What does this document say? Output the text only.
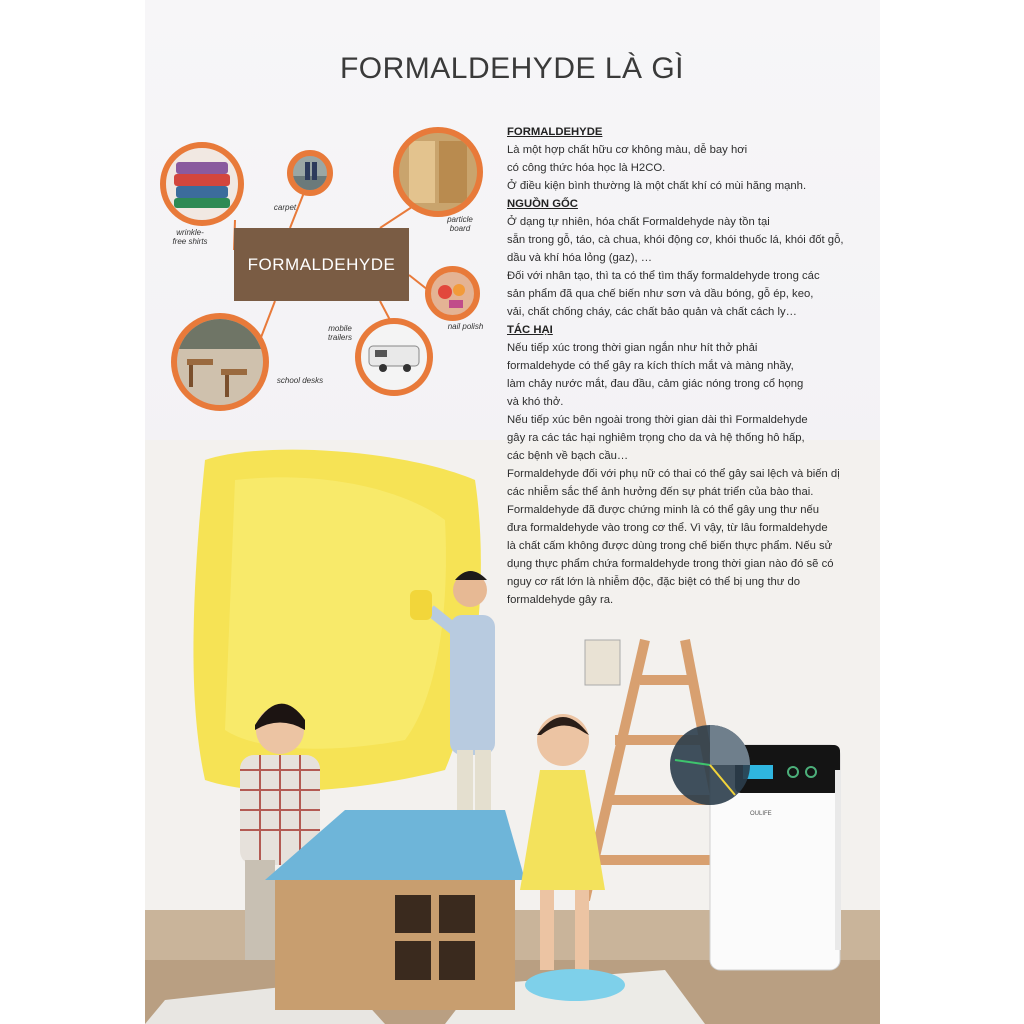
OULIFE
FORMALDEHYDE LÀ GÌ
wrinkle-
free shirts
carpet
particle
board
nail polish
mobile
trailers
school desks
FORMALDEHYDE
FORMALDEHYDE
Là một hợp chất hữu cơ không màu, dễ bay hơi
có công thức hóa học là H2CO.
Ở điều kiện bình thường là một chất khí có mùi hăng mạnh.
NGUỒN GỐC
Ở dạng tự nhiên, hóa chất Formaldehyde này tồn tại
sẵn trong gỗ, táo, cà chua, khói động cơ, khói thuốc lá, khói đốt gỗ,
dầu và khí hóa lỏng (gaz), …
Đối với nhân tạo, thì ta có thể tìm thấy formaldehyde trong các
sản phẩm đã qua chế biến như sơn và dầu bóng, gỗ ép, keo,
vải, chất chống cháy, các chất bảo quản và chất cách ly…
TÁC HẠI
Nếu tiếp xúc trong thời gian ngắn như hít thở phải
formaldehyde có thể gây ra kích thích mắt và màng nhầy,
làm chảy nước mắt, đau đầu, cảm giác nóng trong cổ họng
và khó thở.
Nếu tiếp xúc bên ngoài trong thời gian dài thì Formaldehyde
gây ra các tác hại nghiêm trọng cho da và hệ thống hô hấp,
các bệnh về bạch cầu…
Formaldehyde đối với phụ nữ có thai có thể gây sai lệch và biến dị
các nhiễm sắc thể ảnh hưởng đến sự phát triển của bào thai.
Formaldehyde đã được chứng minh là có thể gây ung thư nếu
đưa formaldehyde vào trong cơ thể. Vì vậy, từ lâu formaldehyde
là chất cấm không được dùng trong chế biến thực phẩm. Nếu sử
dụng thực phẩm chứa formaldehyde trong thời gian nào đó sẽ có
nguy cơ rất lớn là nhiễm độc, đặc biệt có thể bị ung thư do
formaldehyde gây ra.
